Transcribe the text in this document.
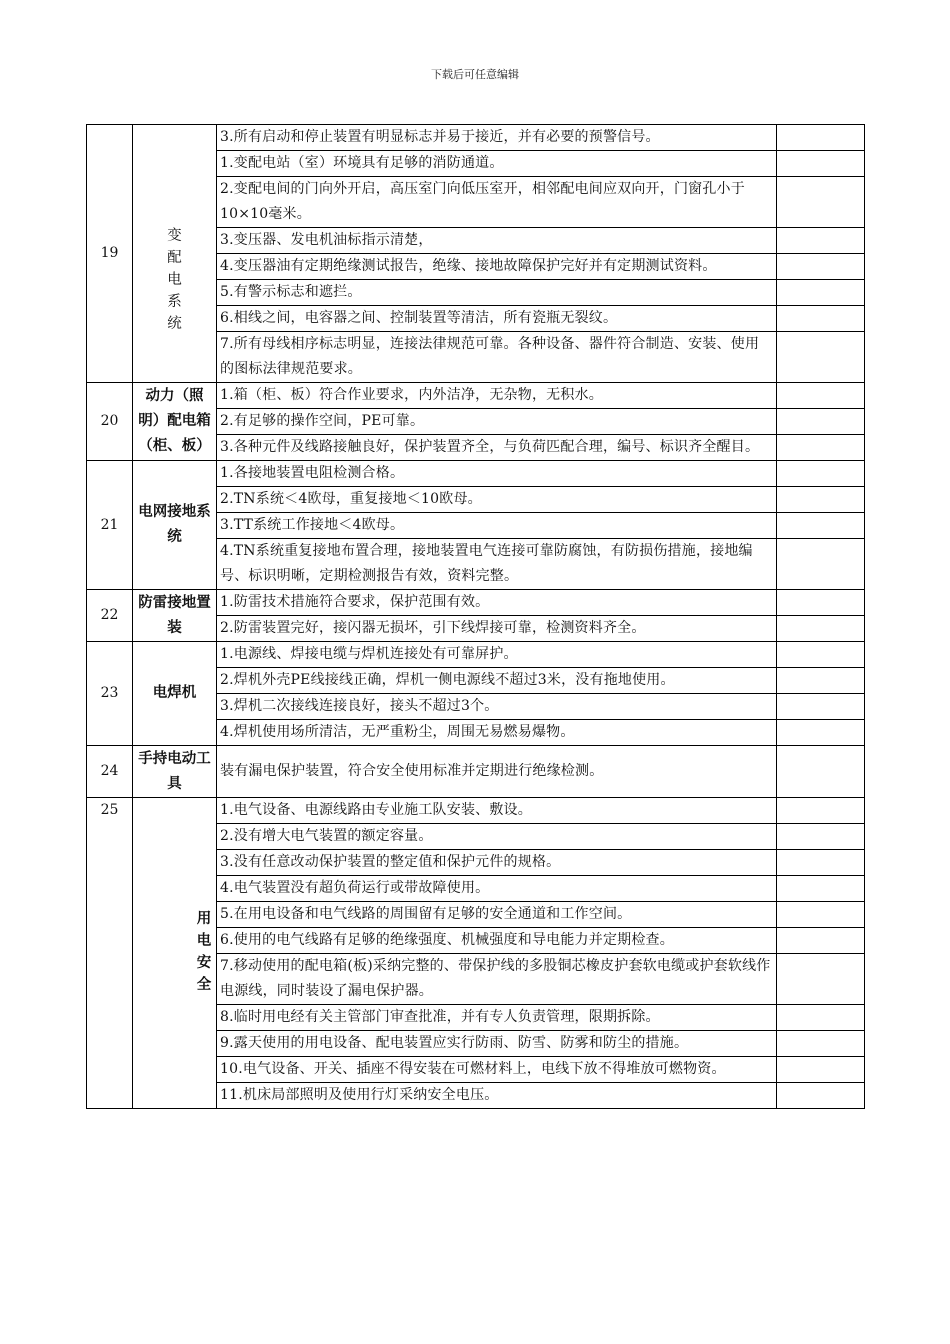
下载后可任意编辑
19	变配电系统	3.所有启动和停止装置有明显标志并易于接近，并有必要的预警信号。	
		1.变配电站（室）环境具有足够的消防通道。	
		2.变配电间的门向外开启，高压室门向低压室开，相邻配电间应双向开，门窗孔小于10×10毫米。	
		3.变压器、发电机油标指示清楚，	
		4.变压器油有定期绝缘测试报告，绝缘、接地故障保护完好并有定期测试资料。	
		5.有警示标志和遮拦。	
		6.相线之间，电容器之间、控制装置等清洁，所有瓷瓶无裂纹。	
		7.所有母线相序标志明显，连接法律规范可靠。各种设备、器件符合制造、安装、使用的图标法律规范要求。	
20	动力（照明）配电箱（柜、板）	1.箱（柜、板）符合作业要求，内外洁净，无杂物，无积水。	
		2.有足够的操作空间，PE可靠。	
		3.各种元件及线路接触良好，保护装置齐全，与负荷匹配合理，编号、标识齐全醒目。	
21	电网接地系统	1.各接地装置电阻检测合格。	
		2.TN系统＜4欧母，重复接地＜10欧母。	
		3.TT系统工作接地＜4欧母。	
		4.TN系统重复接地布置合理，接地装置电气连接可靠防腐蚀，有防损伤措施，接地编号、标识明晰，定期检测报告有效，资料完整。	
22	防雷接地置装	1.防雷技术措施符合要求，保护范围有效。	
		2.防雷装置完好，接闪器无损坏，引下线焊接可靠，检测资料齐全。	
23	电焊机	1.电源线、焊接电缆与焊机连接处有可靠屏护。	
		2.焊机外壳PE线接线正确，焊机一侧电源线不超过3米，没有拖地使用。	
		3.焊机二次接线连接良好，接头不超过3个。	
		4.焊机使用场所清洁，无严重粉尘，周围无易燃易爆物。	
24	手持电动工具	装有漏电保护装置，符合安全使用标准并定期进行绝缘检测。	
25	用电安全	1.电气设备、电源线路由专业施工队安装、敷设。	
		2.没有增大电气装置的额定容量。	
		3.没有任意改动保护装置的整定值和保护元件的规格。	
		4.电气装置没有超负荷运行或带故障使用。	
		5.在用电设备和电气线路的周围留有足够的安全通道和工作空间。	
		6.使用的电气线路有足够的绝缘强度、机械强度和导电能力并定期检查。	
		7.移动使用的配电箱(板)采纳完整的、带保护线的多股铜芯橡皮护套软电缆或护套软线作电源线，同时装设了漏电保护器。	
		8.临时用电经有关主管部门审查批准，并有专人负责管理，限期拆除。	
		9.露天使用的用电设备、配电装置应实行防雨、防雪、防雾和防尘的措施。	
		10.电气设备、开关、插座不得安装在可燃材料上，电线下放不得堆放可燃物资。	
		11.机床局部照明及使用行灯采纳安全电压。	
